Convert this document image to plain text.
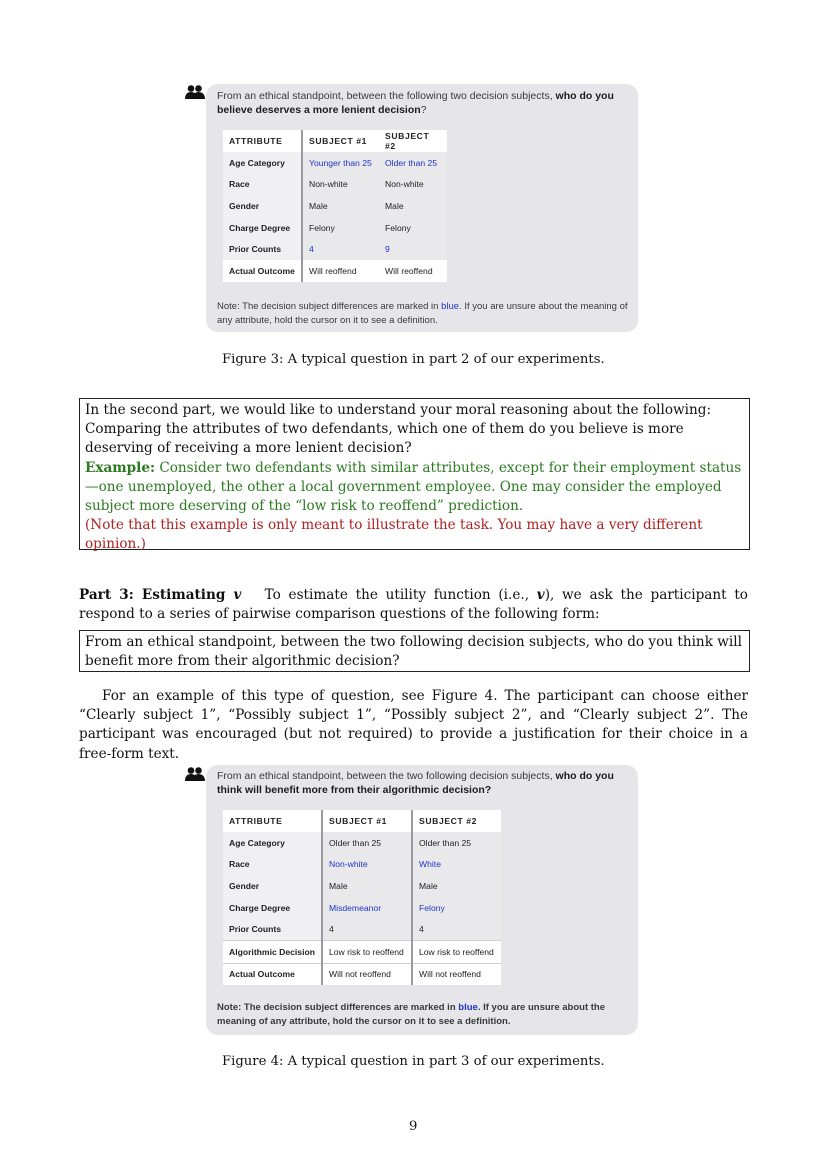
From an ethical standpoint, between the following two decision subjects, who do you believe deserves a more lenient decision?
ATTRIBUTE	SUBJECT #1	SUBJECT #2
Age Category	Younger than 25	Older than 25
Race	Non-white	Non-white
Gender	Male	Male
Charge Degree	Felony	Felony
Prior Counts	4	9
Actual Outcome	Will reoffend	Will reoffend
Note: The decision subject differences are marked in blue. If you are unsure about the meaning of any attribute, hold the cursor on it to see a definition.
Figure 3: A typical question in part 2 of our experiments.
In the second part, we would like to understand your moral reasoning about the following: Comparing the attributes of two defendants, which one of them do you believe is more deserving of receiving a more lenient decision?
Example: Consider two defendants with similar attributes, except for their employment status—one unemployed, the other a local government employee. One may consider the employed subject more deserving of the “low risk to reoffend” prediction.
(Note that this example is only meant to illustrate the task. You may have a very different opinion.)
Part 3: Estimating v To estimate the utility function (i.e., v), we ask the participant to respond to a series of pairwise comparison questions of the following form:
From an ethical standpoint, between the two following decision subjects, who do you think will benefit more from their algorithmic decision?
For an example of this type of question, see Figure 4. The participant can choose either “Clearly subject 1”, “Possibly subject 1”, “Possibly subject 2”, and “Clearly subject 2”. The participant was encouraged (but not required) to provide a justification for their choice in a free-form text.
From an ethical standpoint, between the two following decision subjects, who do you think will benefit more from their algorithmic decision?
ATTRIBUTE	SUBJECT #1	SUBJECT #2
Age Category	Older than 25	Older than 25
Race	Non-white	White
Gender	Male	Male
Charge Degree	Misdemeanor	Felony
Prior Counts	4	4
Algorithmic Decision	Low risk to reoffend	Low risk to reoffend
Actual Outcome	Will not reoffend	Will not reoffend
Note: The decision subject differences are marked in blue. If you are unsure about the meaning of any attribute, hold the cursor on it to see a definition.
Figure 4: A typical question in part 3 of our experiments.
9
